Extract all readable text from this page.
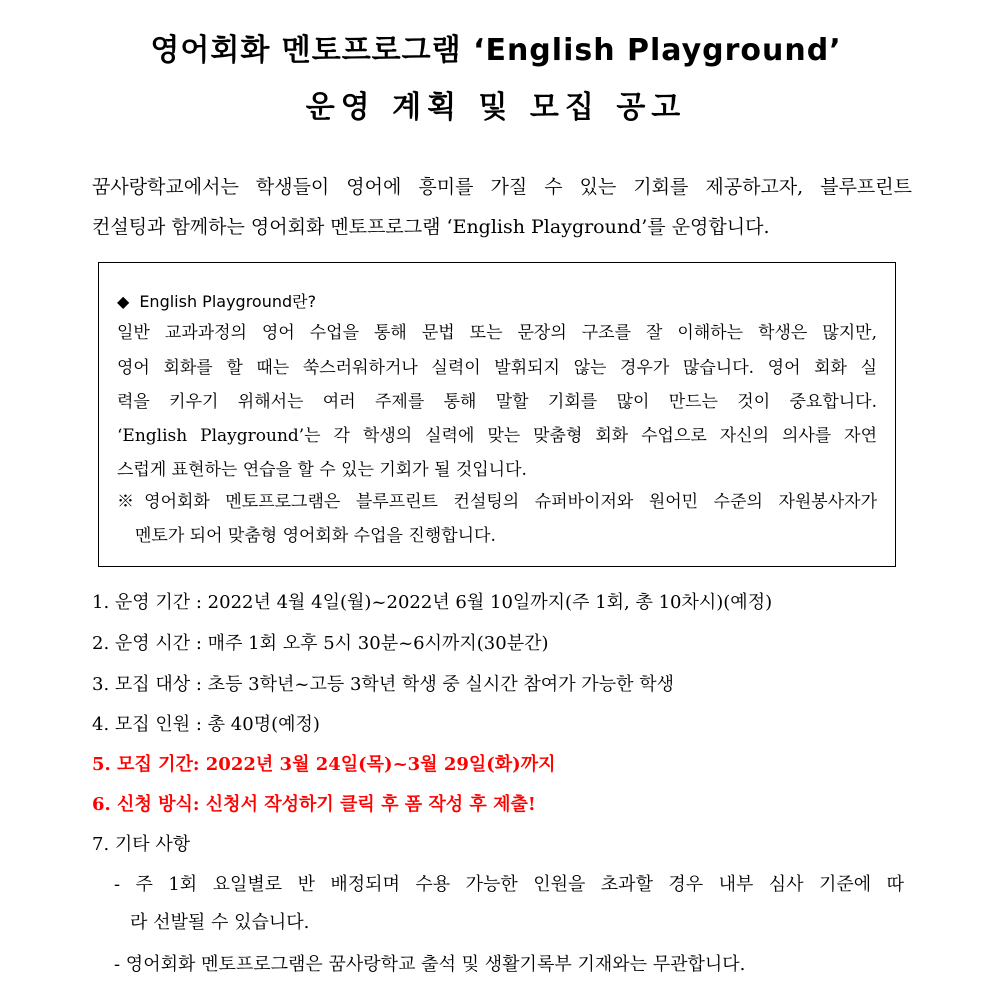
영어회화 멘토프로그램 ‘English Playground’
운영 계획 및 모집 공고
꿈사랑학교에서는 학생들이 영어에 흥미를 가질 수 있는 기회를 제공하고자, 블루프린트
컨설팅과 함께하는 영어회화 멘토프로그램 ‘English Playground’를 운영합니다.
◆ English Playground란?
일반 교과과정의 영어 수업을 통해 문법 또는 문장의 구조를 잘 이해하는 학생은 많지만,
영어 회화를 할 때는 쑥스러워하거나 실력이 발휘되지 않는 경우가 많습니다. 영어 회화 실
력을 키우기 위해서는 여러 주제를 통해 말할 기회를 많이 만드는 것이 중요합니다.
‘English Playground’는 각 학생의 실력에 맞는 맞춤형 회화 수업으로 자신의 의사를 자연
스럽게 표현하는 연습을 할 수 있는 기회가 될 것입니다.
※영어회화 멘토프로그램은 블루프린트 컨설팅의 슈퍼바이저와 원어민 수준의 자원봉사자가
멘토가 되어 맞춤형 영어회화 수업을 진행합니다.
1. 운영 기간 : 2022년 4월 4일(월)~2022년 6월 10일까지(주 1회, 총 10차시)(예정)
2. 운영 시간 : 매주 1회 오후 5시 30분~6시까지(30분간)
3. 모집 대상 : 초등 3학년~고등 3학년 학생 중 실시간 참여가 가능한 학생
4. 모집 인원 : 총 40명(예정)
5. 모집 기간: 2022년 3월 24일(목)~3월 29일(화)까지
6. 신청 방식: 신청서 작성하기 클릭 후 폼 작성 후 제출!
7. 기타 사항
- 주 1회 요일별로 반 배정되며 수용 가능한 인원을 초과할 경우 내부 심사 기준에 따
라 선발될 수 있습니다.
- 영어회화 멘토프로그램은 꿈사랑학교 출석 및 생활기록부 기재와는 무관합니다.
